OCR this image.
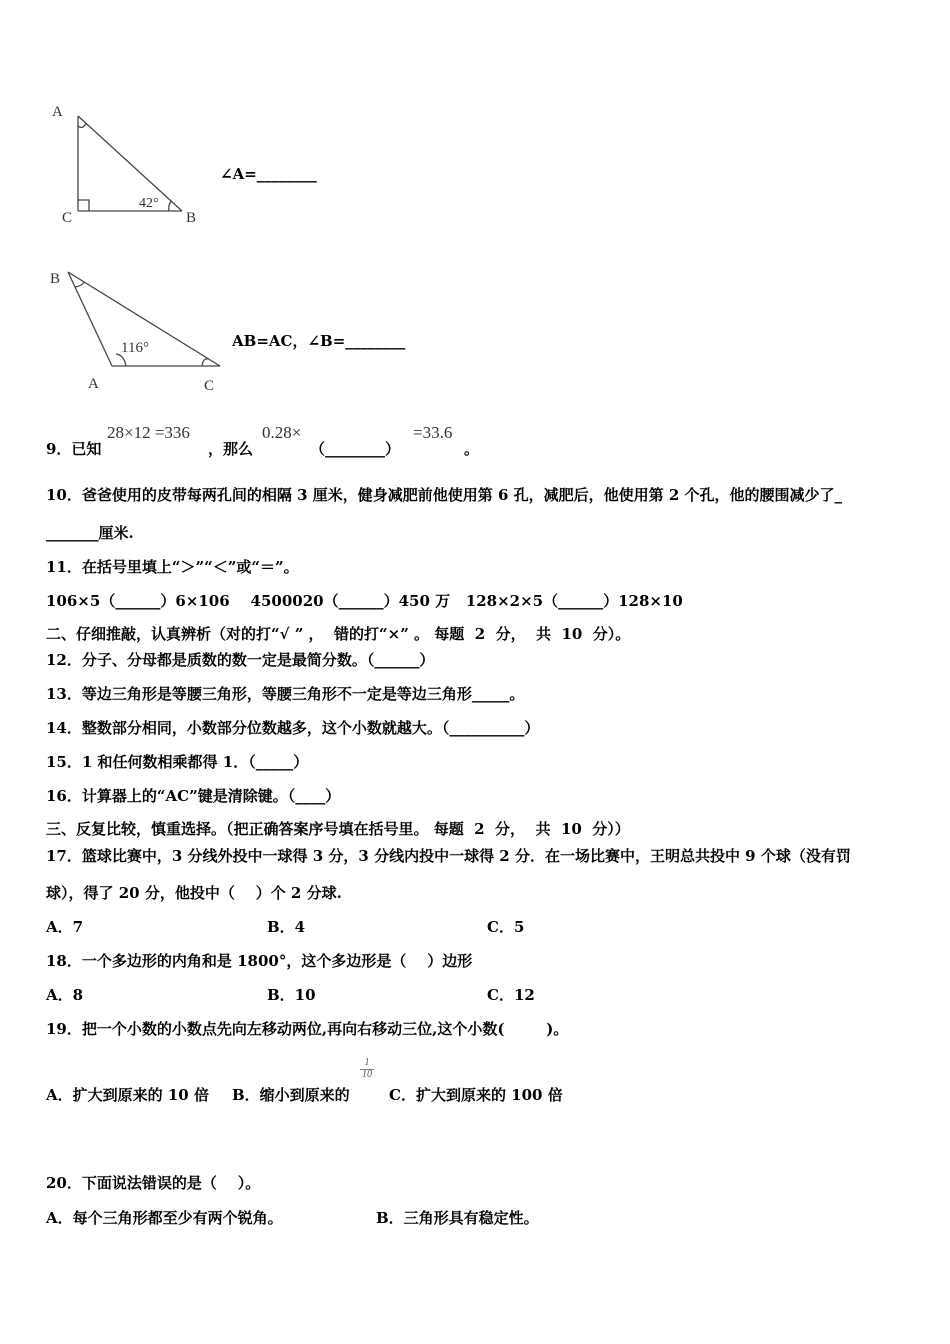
A
C	B
42°
∠A=________
B
A	C
116°	AB=AC，∠B=________
9．已知
28×12 =336
，那么
0.28×
（________）
=33.6
。
10．爸爸使用的皮带每两孔间的相隔 3 厘米，健身减肥前他使用第 6 孔，减肥后，他使用第 2 个孔，他的腰围减少了_
_______厘米.
11．在括号里填上“＞”“＜”或“＝”。
106×5（______）6×106    4500020（______）450 万   128×2×5（______）128×10
二、仔细推敲，认真辨析（对的打“√ ” ，  错的打“×” 。 每题  2  分，  共  10  分）。
12．分子、分母都是质数的数一定是最简分数。（______）
13．等边三角形是等腰三角形，等腰三角形不一定是等边三角形_____。
14．整数部分相同，小数部分位数越多，这个小数就越大。（__________）
15．1 和任何数相乘都得 1．（_____）
16．计算器上的“AC”键是清除键。（____）
三、反复比较，慎重选择。（把正确答案序号填在括号里。 每题  2  分，  共  10  分））
17．篮球比赛中，3 分线外投中一球得 3 分，3 分线内投中一球得 2 分．在一场比赛中，王明总共投中 9 个球（没有罚
球），得了 20 分，他投中（    ）个 2 分球.
A．7	B．4	C．5
18．一个多边形的内角和是 1800°，这个多边形是（    ）边形
A．8	B．10	C．12
19．把一个小数的小数点先向左移动两位,再向右移动三位,这个小数(        )。
A．扩大到原来的 10 倍 B．缩小到原来的
1
10
C．扩大到原来的 100 倍
20．下面说法错误的是（    ）。
A．每个三角形都至少有两个锐角。	B．三角形具有稳定性。
